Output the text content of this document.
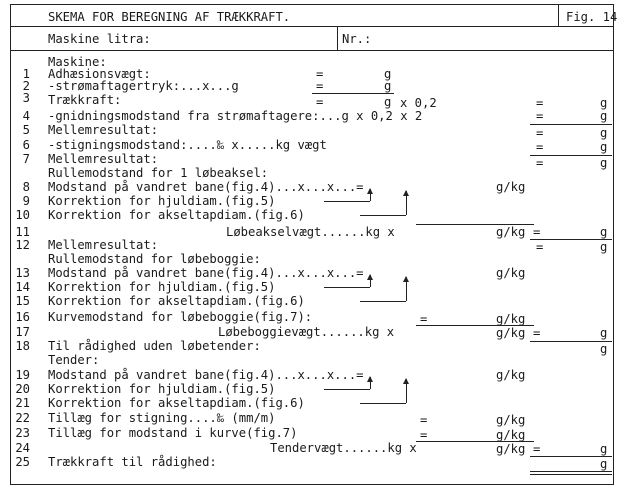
SKEMA FOR BEREGNING AF TRÆKKRAFT.	Fig. 14
Maskine litra:	Nr.:
Maskine:
1 Adhæsionsvægt:	=	g
2 -strømaftagertryk:...x...g	=	g
3 Trækkraft:	=	g x 0,2	=	g
4 -gnidningsmodstand fra strømaftagere:...g x 0,2 x 2	=	g
5 Mellemresultat:	=	g
6 -stigningsmodstand:....‰ x.....kg vægt	=	g
7 Mellemresultat:	=	g
Rullemodstand for 1 løbeaksel:
8 Modstand på vandret bane(fig.4)...x...x...=	g/kg
9 Korrektion for hjuldiam.(fig.5)
10 Korrektion for akseltapdiam.(fig.6)
11	Løbeakselvægt......kg x	g/kg =	g
12 Mellemresultat:	=	g
Rullemodstand for løbeboggie:
13 Modstand på vandret bane(fig.4)...x...x...=	g/kg
14 Korrektion for hjuldiam.(fig.5)
15 Korrektion for akseltapdiam.(fig.6)
16 Kurvemodstand for løbeboggie(fig.7):	=	g/kg
17	Løbeboggievægt......kg x	g/kg =	g
18 Til rådighed uden løbetender:	g
Tender:
19 Modstand på vandret bane(fig.4)...x...x...=	g/kg
20 Korrektion for hjuldiam.(fig.5)
21 Korrektion for akseltapdiam.(fig.6)
22 Tillæg for stigning....‰ (mm/m)	=	g/kg
23 Tillæg for modstand i kurve(fig.7)	=	g/kg
24	Tendervægt......kg x	g/kg =	g
25 Trækkraft til rådighed:	g
